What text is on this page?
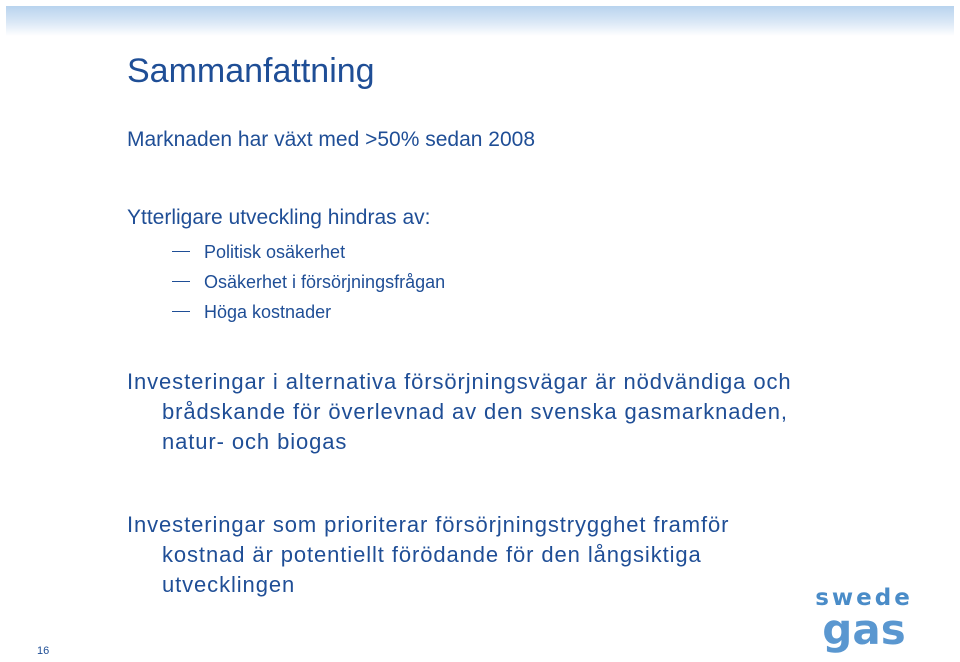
Sammanfattning

Marknaden har växt med >50% sedan 2008

Ytterligare utveckling hindras av:

Politisk osäkerhet
Osäkerhet i försörjningsfrågan
Höga kostnader
Investeringar i alternativa försörjningsvägar är nödvändiga och
brådskande för överlevnad av den svenska gasmarknaden,
natur- och biogas
Investeringar som prioriterar försörjningstrygghet framför
kostnad är potentiellt förödande för den långsiktiga
utvecklingen
16
swede
gas
